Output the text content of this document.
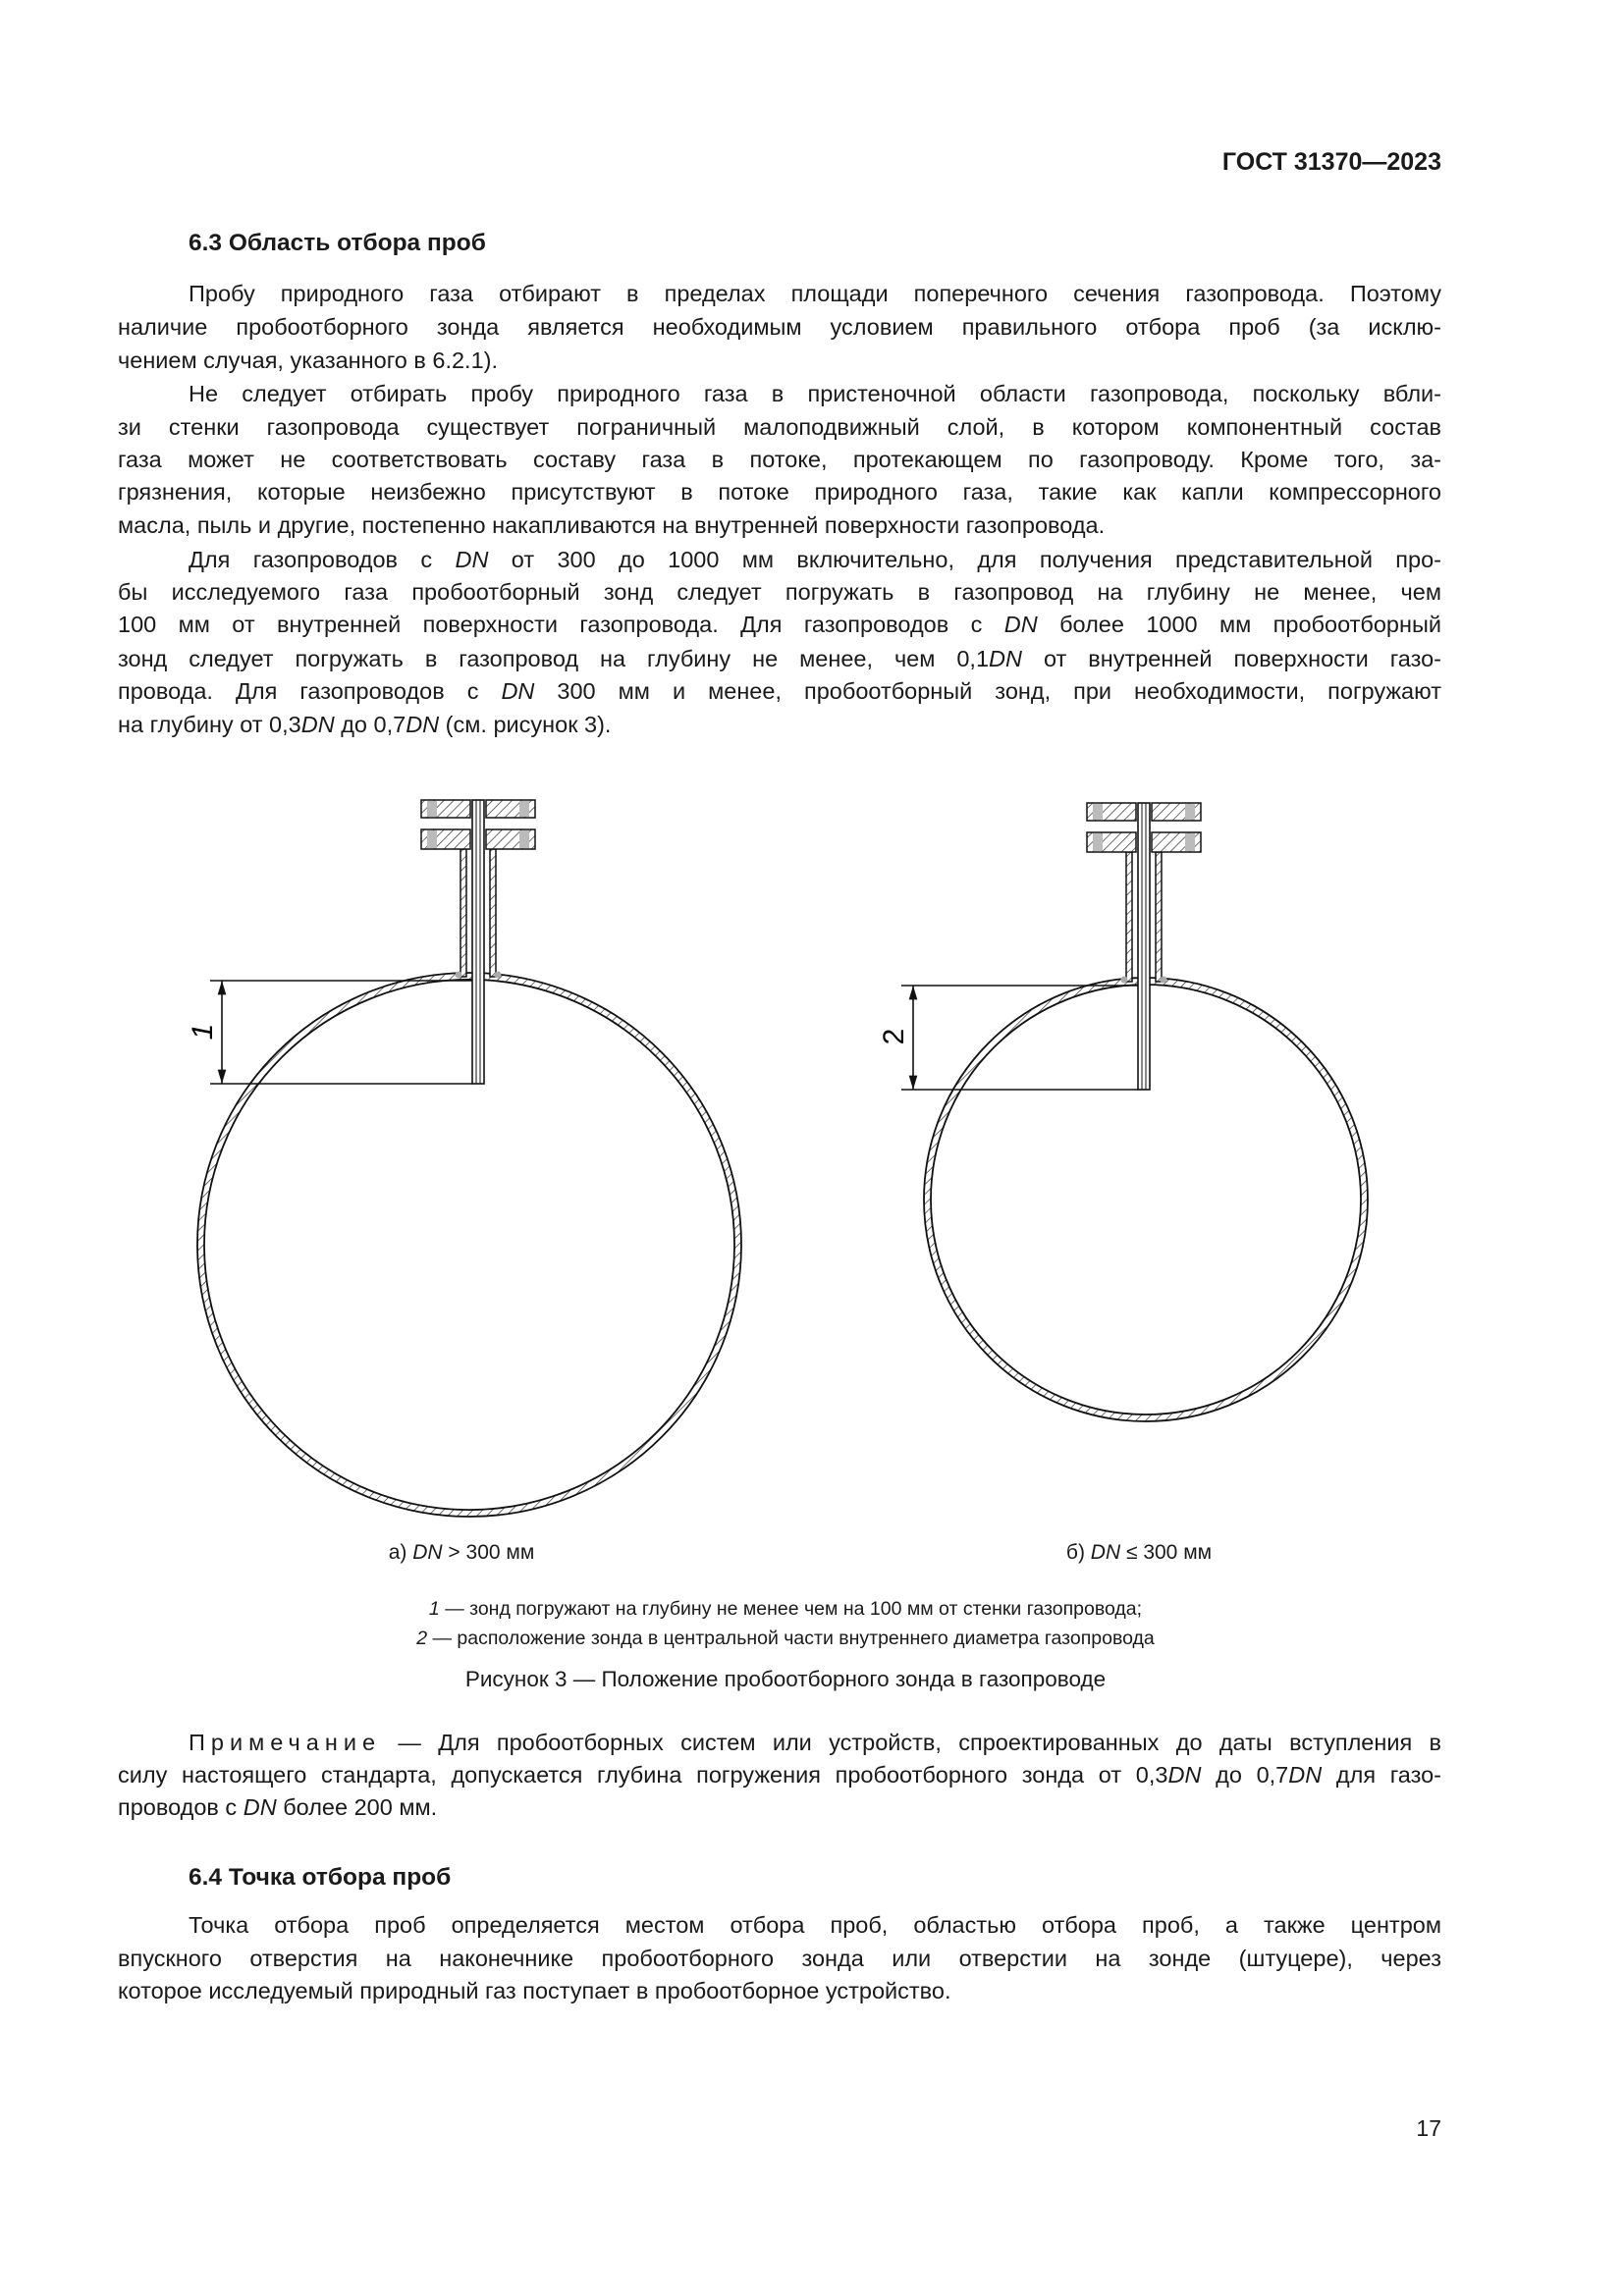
ГОСТ 31370—2023
6.3 Область отбора проб
Пробу природного газа отбирают в пределах площади поперечного сечения газопровода. Поэтому
наличие пробоотборного зонда является необходимым условием правильного отбора проб (за исклю-
чением случая, указанного в 6.2.1).
Не следует отбирать пробу природного газа в пристеночной области газопровода, поскольку вбли-
зи стенки газопровода существует пограничный малоподвижный слой, в котором компонентный состав
газа может не соответствовать составу газа в потоке, протекающем по газопроводу. Кроме того, за-
грязнения, которые неизбежно присутствуют в потоке природного газа, такие как капли компрессорного
масла, пыль и другие, постепенно накапливаются на внутренней поверхности газопровода.
Для газопроводов с DN от 300 до 1000 мм включительно, для получения представительной про-
бы исследуемого газа пробоотборный зонд следует погружать в газопровод на глубину не менее, чем
100 мм от внутренней поверхности газопровода. Для газопроводов с DN более 1000 мм пробоотборный
зонд следует погружать в газопровод на глубину не менее, чем 0,1DN от внутренней поверхности газо-
провода. Для газопроводов с DN 300 мм и менее, пробоотборный зонд, при необходимости, погружают
на глубину от 0,3DN до 0,7DN (см. рисунок 3).
1	2
а) DN > 300 мм	б) DN ≤ 300 мм
1 — зонд погружают на глубину не менее чем на 100 мм от стенки газопровода;
2 — расположение зонда в центральной части внутреннего диаметра газопровода
Рисунок 3 — Положение пробоотборного зонда в газопроводе
Примечание — Для пробоотборных систем или устройств, спроектированных до даты вступления в
силу настоящего стандарта, допускается глубина погружения пробоотборного зонда от 0,3DN до 0,7DN для газо-
проводов с DN более 200 мм.
6.4 Точка отбора проб
Точка отбора проб определяется местом отбора проб, областью отбора проб, а также центром
впускного отверстия на наконечнике пробоотборного зонда или отверстии на зонде (штуцере), через
которое исследуемый природный газ поступает в пробоотборное устройство.
17
